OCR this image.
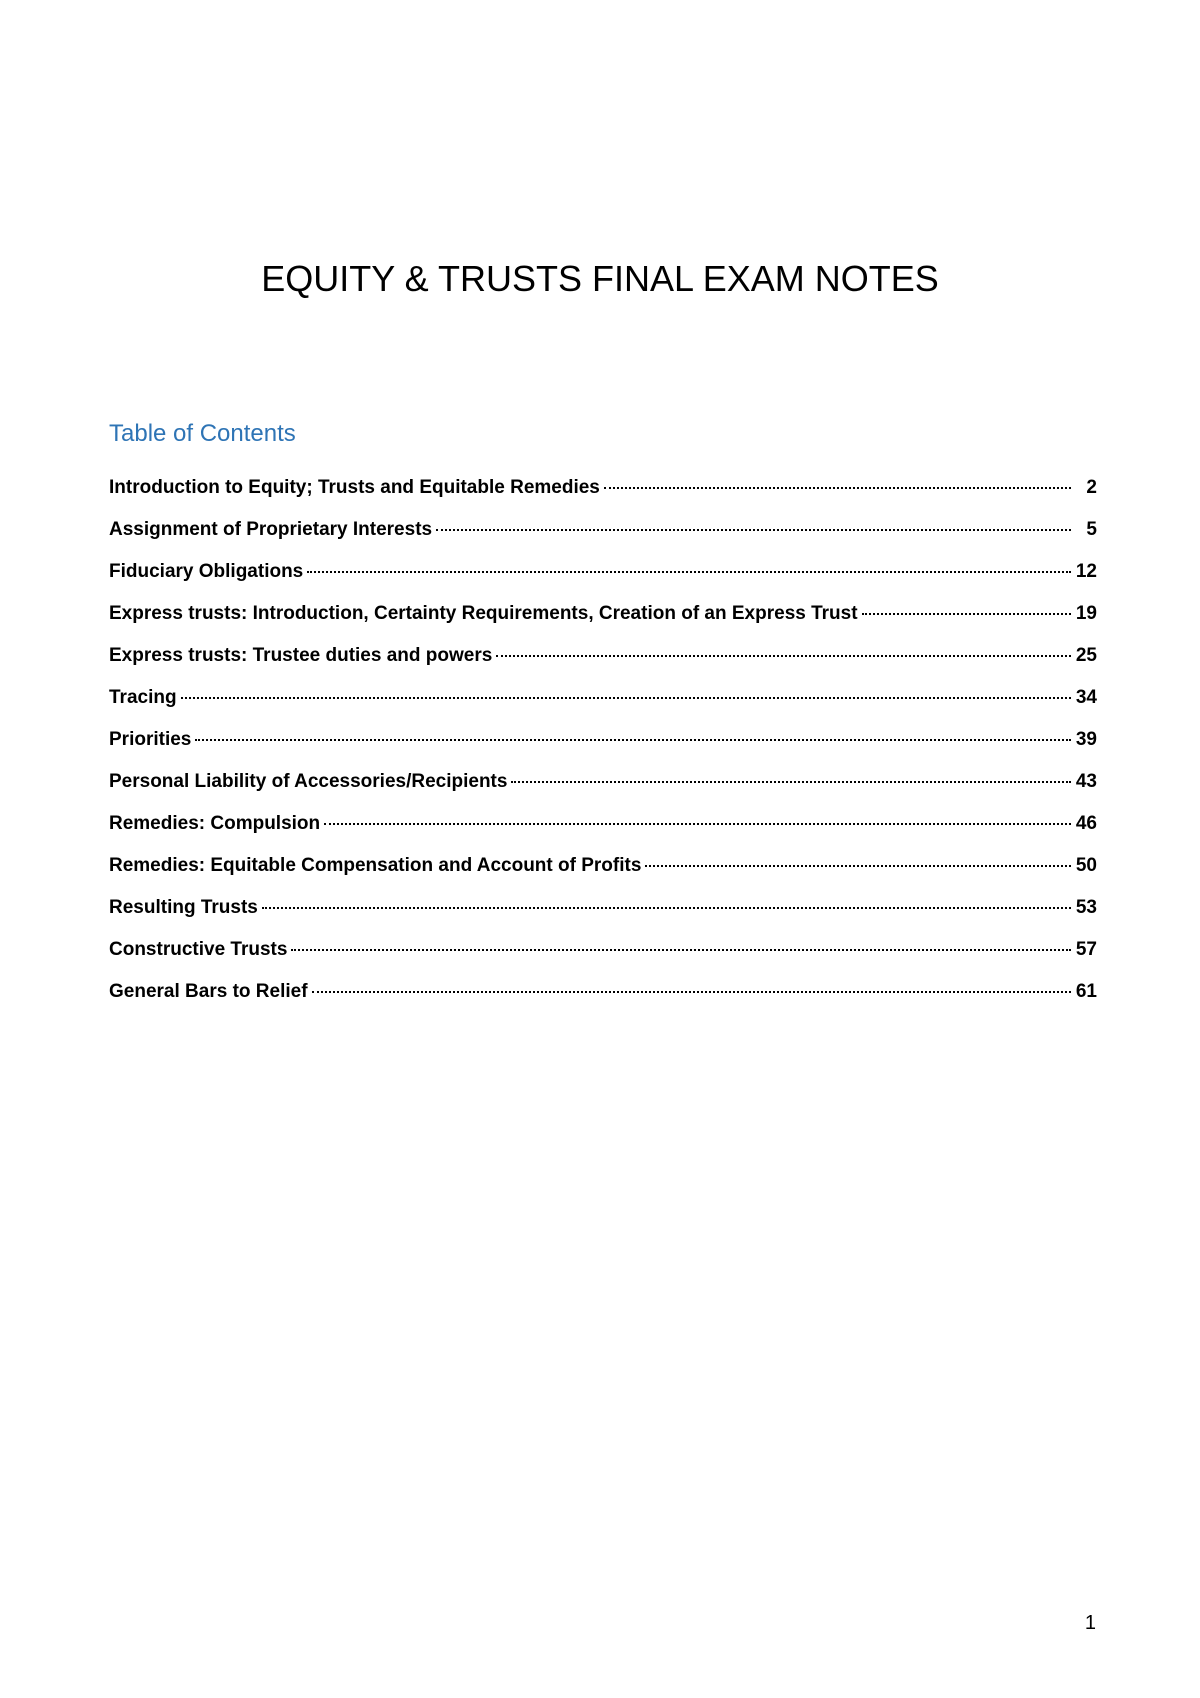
EQUITY & TRUSTS FINAL EXAM NOTES
Table of Contents
Introduction to Equity; Trusts and Equitable Remedies	2
Assignment of Proprietary Interests	5
Fiduciary Obligations	12
Express trusts: Introduction, Certainty Requirements, Creation of an Express Trust	19
Express trusts: Trustee duties and powers	25
Tracing	34
Priorities	39
Personal Liability of Accessories/Recipients	43
Remedies: Compulsion	46
Remedies: Equitable Compensation and Account of Profits	50
Resulting Trusts	53
Constructive Trusts	57
General Bars to Relief	61

1
